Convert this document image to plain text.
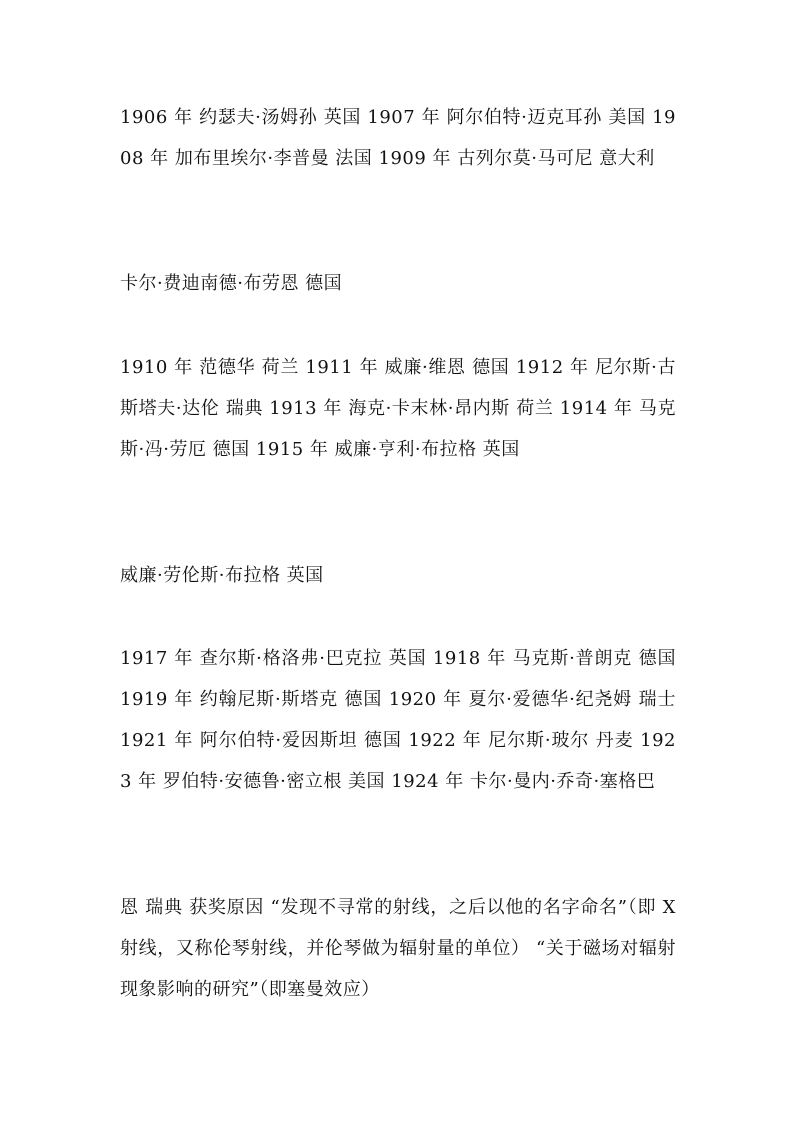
1906 年 约瑟夫·汤姆孙 英国 1907 年 阿尔伯特·迈克耳孙 美国 1908 年 加布里埃尔·李普曼 法国 1909 年 古列尔莫·马可尼 意大利

卡尔·费迪南德·布劳恩 德国

1910 年 范德华 荷兰 1911 年 威廉·维恩 德国 1912 年 尼尔斯·古斯塔夫·达伦 瑞典 1913 年 海克·卡末林·昂内斯 荷兰 1914 年 马克斯·冯·劳厄 德国 1915 年 威廉·亨利·布拉格 英国

威廉·劳伦斯·布拉格 英国

1917 年 查尔斯·格洛弗·巴克拉 英国 1918 年 马克斯·普朗克 德国 1919 年 约翰尼斯·斯塔克 德国 1920 年 夏尔·爱德华·纪尧姆 瑞士 1921 年 阿尔伯特·爱因斯坦 德国 1922 年 尼尔斯·玻尔 丹麦 1923 年 罗伯特·安德鲁·密立根 美国 1924 年 卡尔·曼内·乔奇·塞格巴

恩 瑞典 获奖原因 “发现不寻常的射线，之后以他的名字命名”（即 X 射线，又称伦琴射线，并伦琴做为辐射量的单位） “关于磁场对辐射现象影响的研究”（即塞曼效应）
